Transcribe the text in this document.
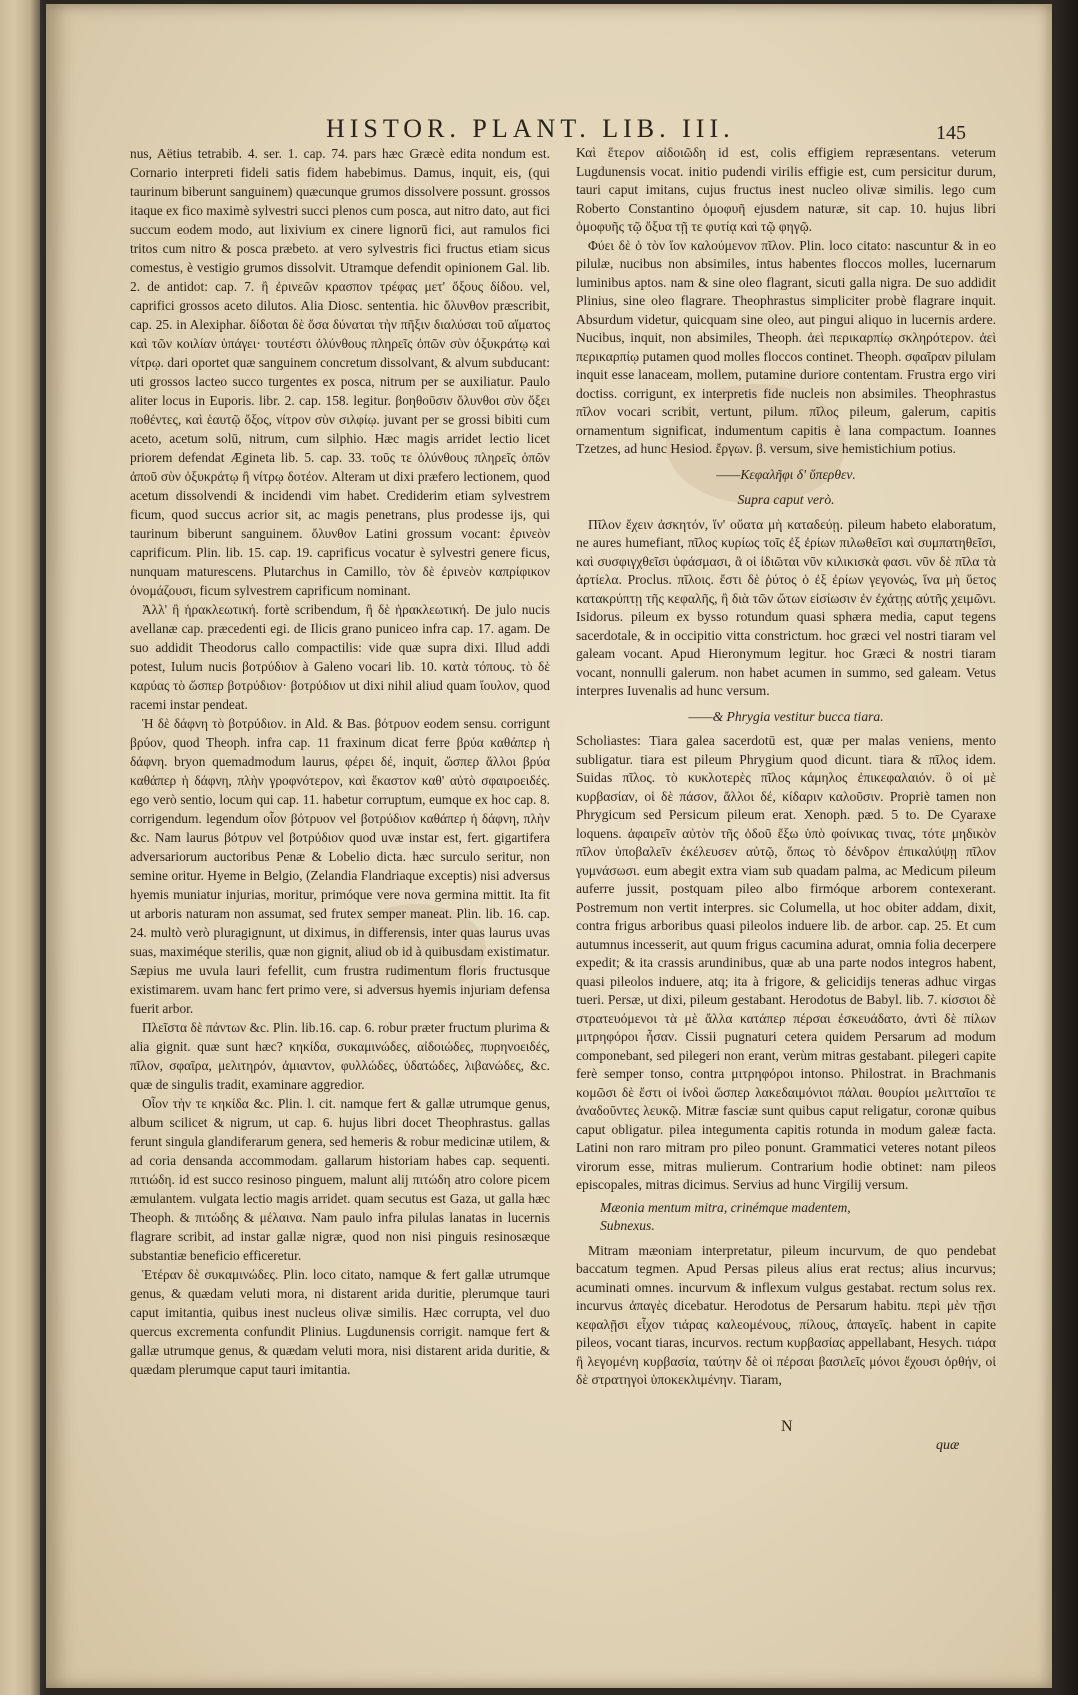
HISTOR. PLANT. LIB. III.	145

nus, Aëtius tetrabib. 4. ser. 1. cap. 74. pars hæc Græcè edita nondum est. Cornario interpreti fideli satis fidem habebimus. Damus, inquit, eis, (qui taurinum biberunt sanguinem) quæcunque grumos dissolvere possunt. grossos itaque ex fico maximè sylvestri succi plenos cum posca, aut nitro dato, aut fici succum eodem modo, aut lixivium ex cinere lignorū fici, aut ramulos fici tritos cum nitro & posca præbeto. at vero sylvestris fici fructus etiam sicus comestus, è vestigio grumos dissolvit. Utramque defendit opinionem Gal. lib. 2. de antidot: cap. 7. ἢ ἐρινεῶν κρασπον τρέφας μετ' ὄξους δίδου. vel, caprifici grossos aceto dilutos. Alia Diosc. sententia. hic ὄλυνθον præscribit, cap. 25. in Alexiphar. δίδοται δὲ ὄσα δύναται τὴν πῆξιν διαλύσαι τοῦ αἵματος καὶ τῶν κοιλίαν ὑπάγει· τουτέστι ὀλύνθους πληρεῖς ὀπῶν σὺν ὀξυκράτῳ καὶ νίτρῳ. dari oportet quæ sanguinem concretum dissolvant, & alvum subducant: uti grossos lacteo succo turgentes ex posca, nitrum per se auxiliatur. Paulo aliter locus in Euporis. libr. 2. cap. 158. legitur. βοηθοῦσιν ὄλυνθοι σὺν ὄξει ποθέντες, καὶ ἑαυτῷ ὄξος, νίτρον σὺν σιλφίῳ. juvant per se grossi bibiti cum aceto, acetum solū, nitrum, cum silphio. Hæc magis arridet lectio licet priorem defendat Ægineta lib. 5. cap. 33. τοῦς τε ὀλύνθους πληρεῖς ὀπῶν ἀποῦ σὺν ὀξυκράτῳ ἢ νίτρῳ δοτέον. Alteram ut dixi præfero lectionem, quod acetum dissolvendi & incidendi vim habet. Crediderim etiam sylvestrem ficum, quod succus acrior sit, ac magis penetrans, plus prodesse ijs, qui taurinum biberunt sanguinem. ὄλυνθον Latini grossum vocant: ἐρινεὸν caprificum. Plin. lib. 15. cap. 19. caprificus vocatur è sylvestri genere ficus, nunquam maturescens. Plutarchus in Camillo, τὸν δὲ ἐρινεὸν καπρίφικον ὀνομάζουσι, ficum sylvestrem caprificum nominant.

Ἀλλ' ἢ ἡρακλεωτική. fortè scribendum, ἢ δὲ ἡρακλεωτική. De julo nucis avellanæ cap. præcedenti egi. de Ilicis grano puniceo infra cap. 17. agam. De suo addidit Theodorus callo compactilis: vide quæ supra dixi. Illud addi potest, Iulum nucis βοτρύδιον à Galeno vocari lib. 10. κατὰ τόπους. τὸ δὲ καρύας τὸ ὥσπερ βοτρύδιον· βοτρύδιον ut dixi nihil aliud quam ἴουλον, quod racemi instar pendeat.

Ἡ δὲ δάφνη τὸ βοτρύδιον. in Ald. & Bas. βότρυον eodem sensu. corrigunt βρύον, quod Theoph. infra cap. 11 fraxinum dicat ferre βρύα καθάπερ ἡ δάφνη. bryon quemadmodum laurus, φέρει δέ, inquit, ὥσπερ ἄλλοι βρύα καθάπερ ἡ δάφνη, πλὴν γροφνότερον, καὶ ἕκαστον καθ' αὐτὸ σφαιροειδές. ego verò sentio, locum qui cap. 11. habetur corruptum, eumque ex hoc cap. 8. corrigendum. legendum οἷον βότρυον vel βοτρύδιον καθάπερ ἡ δάφνη, πλὴν &c. Nam laurus βότρυν vel βοτρύδιον quod uvæ instar est, fert. gigartifera adversariorum auctoribus Penæ & Lobelio dicta. hæc surculo seritur, non semine oritur. Hyeme in Belgio, (Zelandia Flandriaque exceptis) nisi adversus hyemis muniatur injurias, moritur, primóque vere nova germina mittit. Ita fit ut arboris naturam non assumat, sed frutex semper maneat. Plin. lib. 16. cap. 24. multò verò pluragignunt, ut diximus, in differensis, inter quas laurus uvas suas, maximéque sterilis, quæ non gignit, aliud ob id à quibusdam existimatur. Sæpius me uvula lauri fefellit, cum frustra rudimentum floris fructusque existimarem. uvam hanc fert primo vere, si adversus hyemis injuriam defensa fuerit arbor.

Πλεῖστα δὲ πάντων &c. Plin. lib.16. cap. 6. robur præter fructum plurima & alia gignit. quæ sunt hæc? κηκίδα, συκαμινώδες, αἰδοιώδες, πυρηνοειδές, πῖλον, σφαῖρα, μελιτηρόν, ἀμιαντον, φυλλώδες, ὑδατώδες, λιβανώδες, &c. quæ de singulis tradit, examinare aggredior.

Οἷον τὴν τε κηκίδα &c. Plin. l. cit. namque fert & gallæ utrumque genus, album scilicet & nigrum, ut cap. 6. hujus libri docet Theophrastus. gallas ferunt singula glandiferarum genera, sed hemeris & robur medicinæ utilem, & ad coria densanda accommodam. gallarum historiam habes cap. sequenti. πιτιώδη. id est succo resinoso pinguem, malunt alij πιτώδη atro colore picem æmulantem. vulgata lectio magis arridet. quam secutus est Gaza, ut galla hæc Theoph. & πιτώδης & μέλαινα. Nam paulo infra pilulas lanatas in lucernis flagrare scribit, ad instar gallæ nigræ, quod non nisi pinguis resinosæque substantiæ beneficio efficeretur.

Ἑτέραν δὲ συκαμινώδες. Plin. loco citato, namque & fert gallæ utrumque genus, & quædam veluti mora, ni distarent arida duritie, plerumque tauri caput imitantia, quibus inest nucleus olivæ similis. Hæc corrupta, vel duo quercus excrementa confundit Plinius. Lugdunensis corrigit. namque fert & gallæ utrumque genus, & quædam veluti mora, nisi distarent arida duritie, & quædam plerumque caput tauri imitantia.

Καὶ ἕτερον αἰδοιῶδη id est, colis effigiem repræsentans. veterum Lugdunensis vocat. initio pudendi virilis effigie est, cum persicitur durum, tauri caput imitans, cujus fructus inest nucleo olivæ similis. lego cum Roberto Constantino ὁμοφυῆ ejusdem naturæ, sit cap. 10. hujus libri ὁμοφυῆς τῷ ὄξυα τῇ τε φυτίᾳ καὶ τῷ φηγῷ.

Φύει δὲ ὁ τὸν ἴον καλούμενον πῖλον. Plin. loco citato: nascuntur & in eo pilulæ, nucibus non absimiles, intus habentes floccos molles, lucernarum luminibus aptos. nam & sine oleo flagrant, sicuti galla nigra. De suo addidit Plinius, sine oleo flagrare. Theophrastus simpliciter probè flagrare inquit. Absurdum videtur, quicquam sine oleo, aut pingui aliquo in lucernis ardere. Nucibus, inquit, non absimiles, Theoph. ἀεὶ περικαρπίῳ σκληρότερον. ἀεὶ περικαρπίῳ putamen quod molles floccos continet. Theoph. σφαῖραν pilulam inquit esse lanaceam, mollem, putamine duriore contentam. Frustra ergo viri doctiss. corrigunt, ex interpretis fide nucleis non absimiles. Theophrastus πῖλον vocari scribit, vertunt, pilum. πῖλος pileum, galerum, capitis ornamentum significat, indumentum capitis è lana compactum. Ioannes Tzetzes, ad hunc Hesiod. ἔργων. β. versum, sive hemistichium potius.

——Κεφαλῆφι δ' ὕπερθεν.

Supra caput verò.

Πῖλον ἔχειν ἀσκητόν, ἵν' οὔατα μὴ καταδεύῃ. pileum habeto elaboratum, ne aures humefiant, πῖλος κυρίως τοῖς ἐξ ἐρίων πιλωθεῖσι καὶ συμπατηθεῖσι, καὶ συσφιγχθεῖσι ὑφάσμασι, ἃ οἱ ἰδιῶται νῦν κιλικισκὰ φασι. νῦν δὲ πῖλα τὰ ἀρτίελα. Proclus. πῖλοις. ἔστι δὲ ῥύτος ὁ ἐξ ἐρίων γεγονώς, ἵνα μὴ ὕετος κατακρύπτῃ τῆς κεφαλῆς, ἢ διὰ τῶν ὤτων εἰσίωσιν ἐν ἐχάτῃς αὐτῆς χειμῶνι. Isidorus. pileum ex bysso rotundum quasi sphæra media, caput tegens sacerdotale, & in occipitio vitta constrictum. hoc græci vel nostri tiaram vel galeam vocant. Apud Hieronymum legitur. hoc Græci & nostri tiaram vocant, nonnulli galerum. non habet acumen in summo, sed galeam. Vetus interpres Iuvenalis ad hunc versum.

——& Phrygia vestitur bucca tiara.

Scholiastes: Tiara galea sacerdotū est, quæ per malas veniens, mento subligatur. tiara est pileum Phrygium quod dicunt. tiara & πῖλος idem. Suidas πῖλος. τὸ κυκλοτερὲς πῖλος κάμηλος ἐπικεφαλαιόν. ὃ οἱ μὲ κυρβασίαν, οἱ δὲ πάσον, ἄλλοι δέ, κίδαριν καλοῦσιν. Propriè tamen non Phrygicum sed Persicum pileum erat. Xenoph. pæd. 5 to. De Cyaraxe loquens. ἀφαιρεῖν αὐτὸν τῆς ὁδοῦ ἔξω ὑπὸ φοίνικας τινας, τότε μηδικὸν πῖλον ὑποβαλεῖν ἐκέλευσεν αὐτῷ, ὅπως τὸ δένδρον ἐπικαλύψῃ πῖλον γυμνάσωσι. eum abegit extra viam sub quadam palma, ac Medicum pileum auferre jussit, postquam pileo albo firmóque arborem contexerant. Postremum non vertit interpres. sic Columella, ut hoc obiter addam, dixit, contra frigus arboribus quasi pileolos induere lib. de arbor. cap. 25. Et cum autumnus incesserit, aut quum frigus cacumina adurat, omnia folia decerpere expedit; & ita crassis arundinibus, quæ ab una parte nodos integros habent, quasi pileolos induere, atq; ita à frigore, & gelicidijs teneras adhuc virgas tueri. Persæ, ut dixi, pileum gestabant. Herodotus de Babyl. lib. 7. κίσσιοι δὲ στρατευόμενοι τὰ μὲ ἄλλα κατάπερ πέρσαι ἐσκευάδατο, ἀντὶ δὲ πίλων μιτρηφόροι ἦσαν. Cissii pugnaturi cetera quidem Persarum ad modum componebant, sed pilegeri non erant, verùm mitras gestabant. pilegeri capite ferè semper tonso, contra μιτρηφόροι intonso. Philostrat. in Brachmanis κομῶσι δὲ ἔστι οἱ ἰνδοὶ ὥσπερ λακεδαιμόνιοι πάλαι. θουρίοι μελιτταῖοι τε ἀναδοῦντες λευκῷ. Mitræ fasciæ sunt quibus caput religatur, coronæ quibus caput obligatur. pilea integumenta capitis rotunda in modum galeæ facta. Latini non raro mitram pro pileo ponunt. Grammatici veteres notant pileos virorum esse, mitras mulierum. Contrarium hodie obtinet: nam pileos episcopales, mitras dicimus. Servius ad hunc Virgilij versum.

Mæonia mentum mitra, crinémque madentem,

Subnexus.

Mitram mæoniam interpretatur, pileum incurvum, de quo pendebat baccatum tegmen. Apud Persas pileus alius erat rectus; alius incurvus; acuminati omnes. incurvum & inflexum vulgus gestabat. rectum solus rex. incurvus ἀπαγὲς dicebatur. Herodotus de Persarum habitu. περὶ μὲν τῇσι κεφαλῇσι εἶχον τιάρας καλεομένους, πίλους, ἀπαγεῖς. habent in capite pileos, vocant tiaras, incurvos. rectum κυρβασίας appellabant, Hesych. τιάρα ἢ λεγομένη κυρβασία, ταύτην δὲ οἱ πέρσαι βασιλεῖς μόνοι ἔχουσι ὀρθήν, οἱ δὲ στρατηγοὶ ὑποκεκλιμένην. Tiaram,

N
quæ
